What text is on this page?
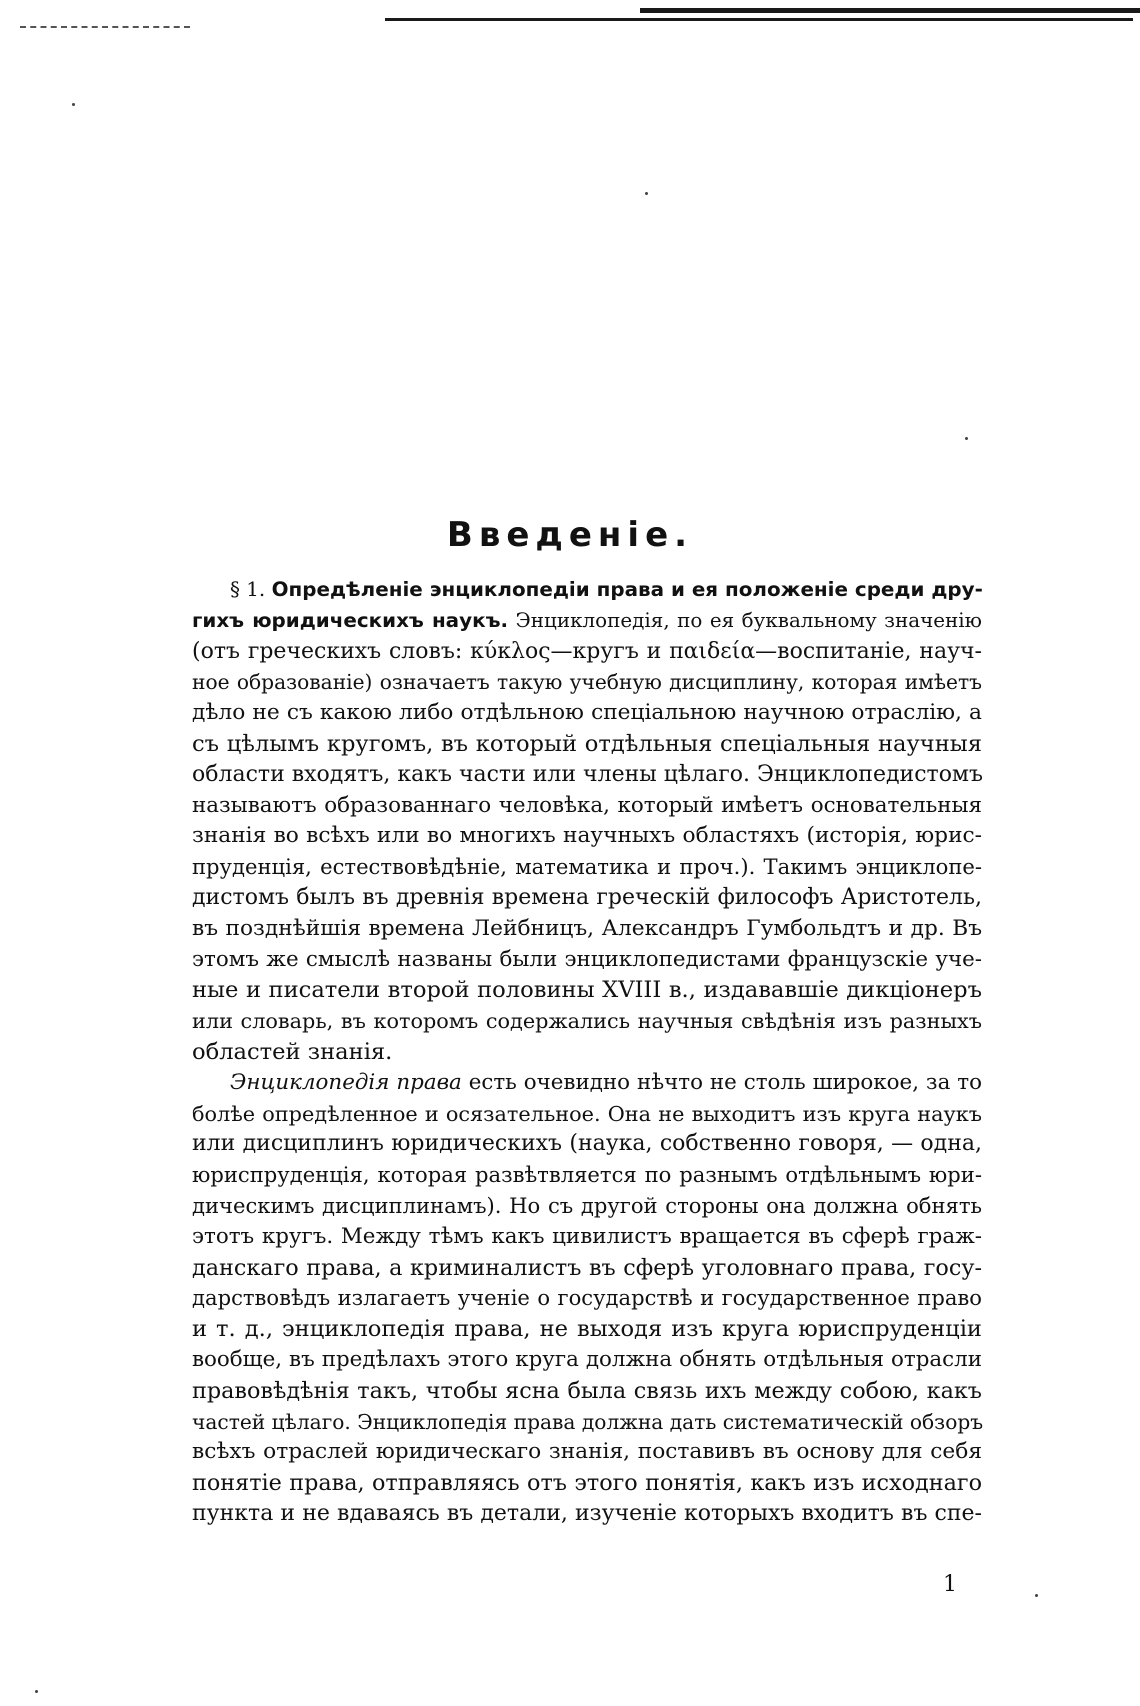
Введеніе.
§ 1. Опредѣленіе энциклопедіи права и ея положеніе среди дру-
гихъ юридическихъ наукъ. Энциклопедія, по ея буквальному значенію
(отъ греческихъ словъ: κύκλος—кругъ и παιδεία—воспитаніе, науч-
ное образованіе) означаетъ такую учебную дисциплину, которая имѣетъ
дѣло не съ какою либо отдѣльною спеціальною научною отраслію, а
съ цѣлымъ кругомъ, въ который отдѣльныя спеціальныя научныя
области входятъ, какъ части или члены цѣлаго. Энциклопедистомъ
называютъ образованнаго человѣка, который имѣетъ основательныя
знанія во всѣхъ или во многихъ научныхъ областяхъ (исторія, юрис-
пруденція, естествовѣдѣніе, математика и проч.). Такимъ энциклопе-
дистомъ былъ въ древнія времена греческій философъ Аристотель,
въ позднѣйшія времена Лейбницъ, Александръ Гумбольдтъ и др. Въ
этомъ же смыслѣ названы были энциклопедистами французскіе уче-
ные и писатели второй половины XVIII в., издававшіе дикціонеръ
или словарь, въ которомъ содержались научныя свѣдѣнія изъ разныхъ
областей знанія.
Энциклопедія права есть очевидно нѣчто не столь широкое, за то
болѣе опредѣленное и осязательное. Она не выходитъ изъ круга наукъ
или дисциплинъ юридическихъ (наука, собственно говоря, — одна,
юриспруденція, которая развѣтвляется по разнымъ отдѣльнымъ юри-
дическимъ дисциплинамъ). Но съ другой стороны она должна обнять
этотъ кругъ. Между тѣмъ какъ цивилистъ вращается въ сферѣ граж-
данскаго права, а криминалистъ въ сферѣ уголовнаго права, госу-
дарствовѣдъ излагаетъ ученіе о государствѣ и государственное право
и т. д., энциклопедія права, не выходя изъ круга юриспруденціи
вообще, въ предѣлахъ этого круга должна обнять отдѣльныя отрасли
правовѣдѣнія такъ, чтобы ясна была связь ихъ между собою, какъ
частей цѣлаго. Энциклопедія права должна дать систематическій обзоръ
всѣхъ отраслей юридическаго знанія, поставивъ въ основу для себя
понятіе права, отправляясь отъ этого понятія, какъ изъ исходнаго
пункта и не вдаваясь въ детали, изученіе которыхъ входитъ въ спе-
1
